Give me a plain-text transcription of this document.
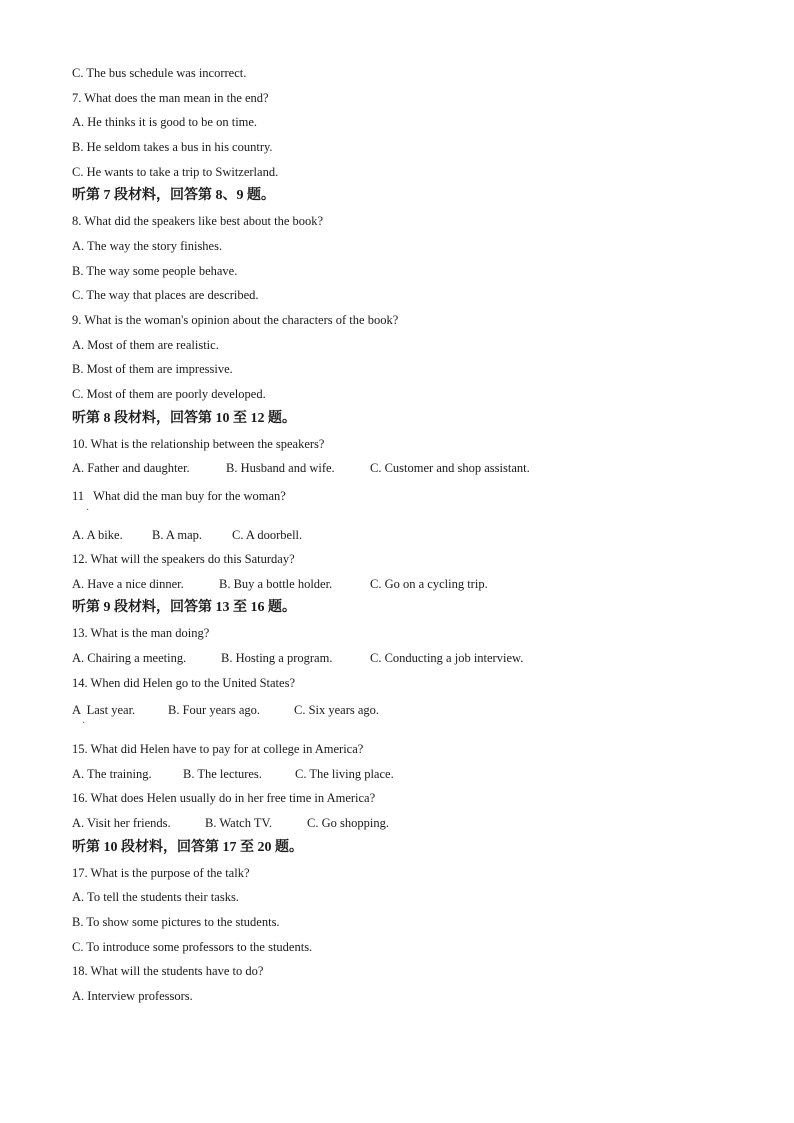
C. The bus schedule was incorrect.
7. What does the man mean in the end?
A. He thinks it is good to be on time.
B. He seldom takes a bus in his country.
C. He wants to take a trip to Switzerland.
听第 7 段材料，回答第 8、9 题。
8. What did the speakers like best about the book?
A. The way the story finishes.
B. The way some people behave.
C. The way that places are described.
9. What is the woman's opinion about the characters of the book?
A. Most of them are realistic.
B. Most of them are impressive.
C. Most of them are poorly developed.
听第 8 段材料，回答第 10 至 12 题。
10. What is the relationship between the speakers?
A. Father and daughter.	B. Husband and wife.	C. Customer and shop assistant.
11   What did the man buy for the woman?
·
A. A bike. B. A map. C. A doorbell.
12. What will the speakers do this Saturday?
A. Have a nice dinner.	B. Buy a bottle holder.	C. Go on a cycling trip.
听第 9 段材料，回答第 13 至 16 题。
13. What is the man doing?
A. Chairing a meeting.	B. Hosting a program.	C. Conducting a job interview.
14. When did Helen go to the United States?
A  Last year.	B. Four years ago.	C. Six years ago.
·
15. What did Helen have to pay for at college in America?
A. The training.	B. The lectures.	C. The living place.
16. What does Helen usually do in her free time in America?
A. Visit her friends.	B. Watch TV.	C. Go shopping.
听第 10 段材料，回答第 17 至 20 题。
17. What is the purpose of the talk?
A. To tell the students their tasks.
B. To show some pictures to the students.
C. To introduce some professors to the students.
18. What will the students have to do?
A. Interview professors.
